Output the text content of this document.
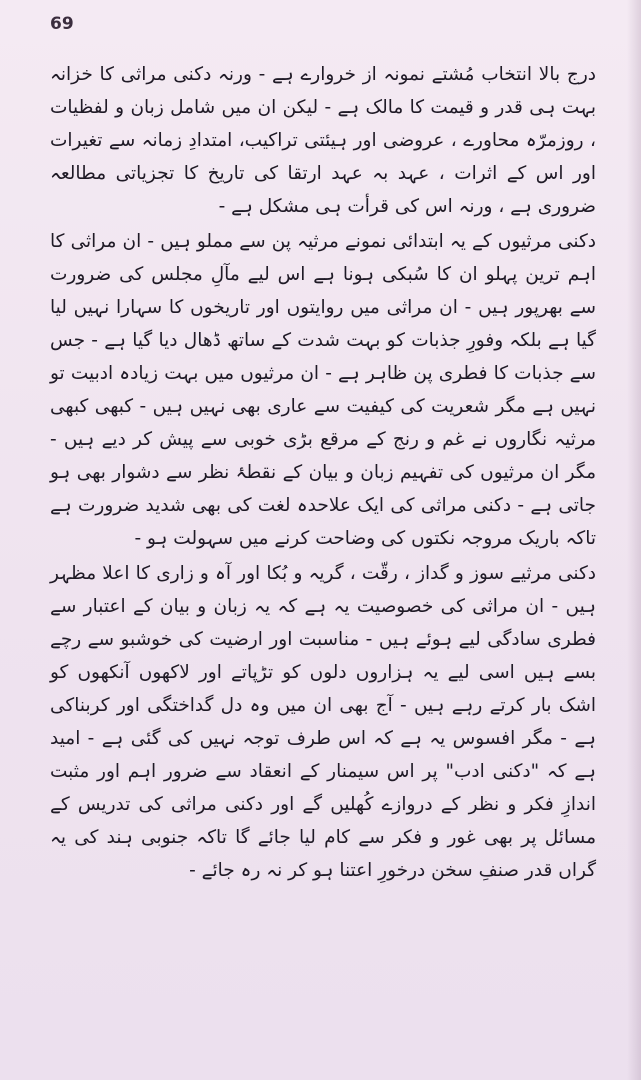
69

درج بالا انتخاب مُشتے نمونہ از خروارے ہے - ورنہ دکنی مراثی کا خزانہ بہت ہی قدر و قیمت کا مالک ہے - لیکن ان میں شامل زبان و لفظیات ، روزمرّہ محاورے ، عروضی اور ہیئتی تراکیب، امتدادِ زمانہ سے تغیرات اور اس کے اثرات ، عہد بہ عہد ارتقا کی تاریخ کا تجزیاتی مطالعہ ضروری ہے ، ورنہ اس کی قرأت ہی مشکل ہے -

دکنی مرثیوں کے یہ ابتدائی نمونے مرثیہ پن سے مملو ہیں - ان مراثی کا اہم ترین پہلو ان کا سُبکی ہونا ہے اس لیے مآلِ مجلس کی ضرورت سے بھرپور ہیں - ان مراثی میں روایتوں اور تاریخوں کا سہارا نہیں لیا گیا ہے بلکہ وفورِ جذبات کو بہت شدت کے ساتھ ڈھال دیا گیا ہے - جس سے جذبات کا فطری پن ظاہر ہے - ان مرثیوں میں بہت زیادہ ادبیت تو نہیں ہے مگر شعریت کی کیفیت سے عاری بھی نہیں ہیں - کبھی کبھی مرثیہ نگاروں نے غم و رنج کے مرقع بڑی خوبی سے پیش کر دیے ہیں - مگر ان مرثیوں کی تفہیم زبان و بیان کے نقطۂ نظر سے دشوار بھی ہو جاتی ہے - دکنی مراثی کی ایک علاحدہ لغت کی بھی شدید ضرورت ہے تاکہ باریک مروجہ نکتوں کی وضاحت کرنے میں سہولت ہو -

دکنی مرثیے سوز و گداز ، رقّت ، گریہ و بُکا اور آہ و زاری کا اعلا مظہر ہیں - ان مراثی کی خصوصیت یہ ہے کہ یہ زبان و بیان کے اعتبار سے فطری سادگی لیے ہوئے ہیں - مناسبت اور ارضیت کی خوشبو سے رچے بسے ہیں اسی لیے یہ ہزاروں دلوں کو تڑپاتے اور لاکھوں آنکھوں کو اشک بار کرتے رہے ہیں - آج بھی ان میں وہ دل گداختگی اور کربناکی ہے - مگر افسوس یہ ہے کہ اس طرف توجہ نہیں کی گئی ہے - امید ہے کہ "دکنی ادب" پر اس سیمنار کے انعقاد سے ضرور اہم اور مثبت اندازِ فکر و نظر کے دروازے کُھلیں گے اور دکنی مراثی کی تدریس کے مسائل پر بھی غور و فکر سے کام لیا جائے گا تاکہ جنوبی ہند کی یہ گراں قدر صنفِ سخن درخورِ اعتنا ہو کر نہ رہ جائے -
